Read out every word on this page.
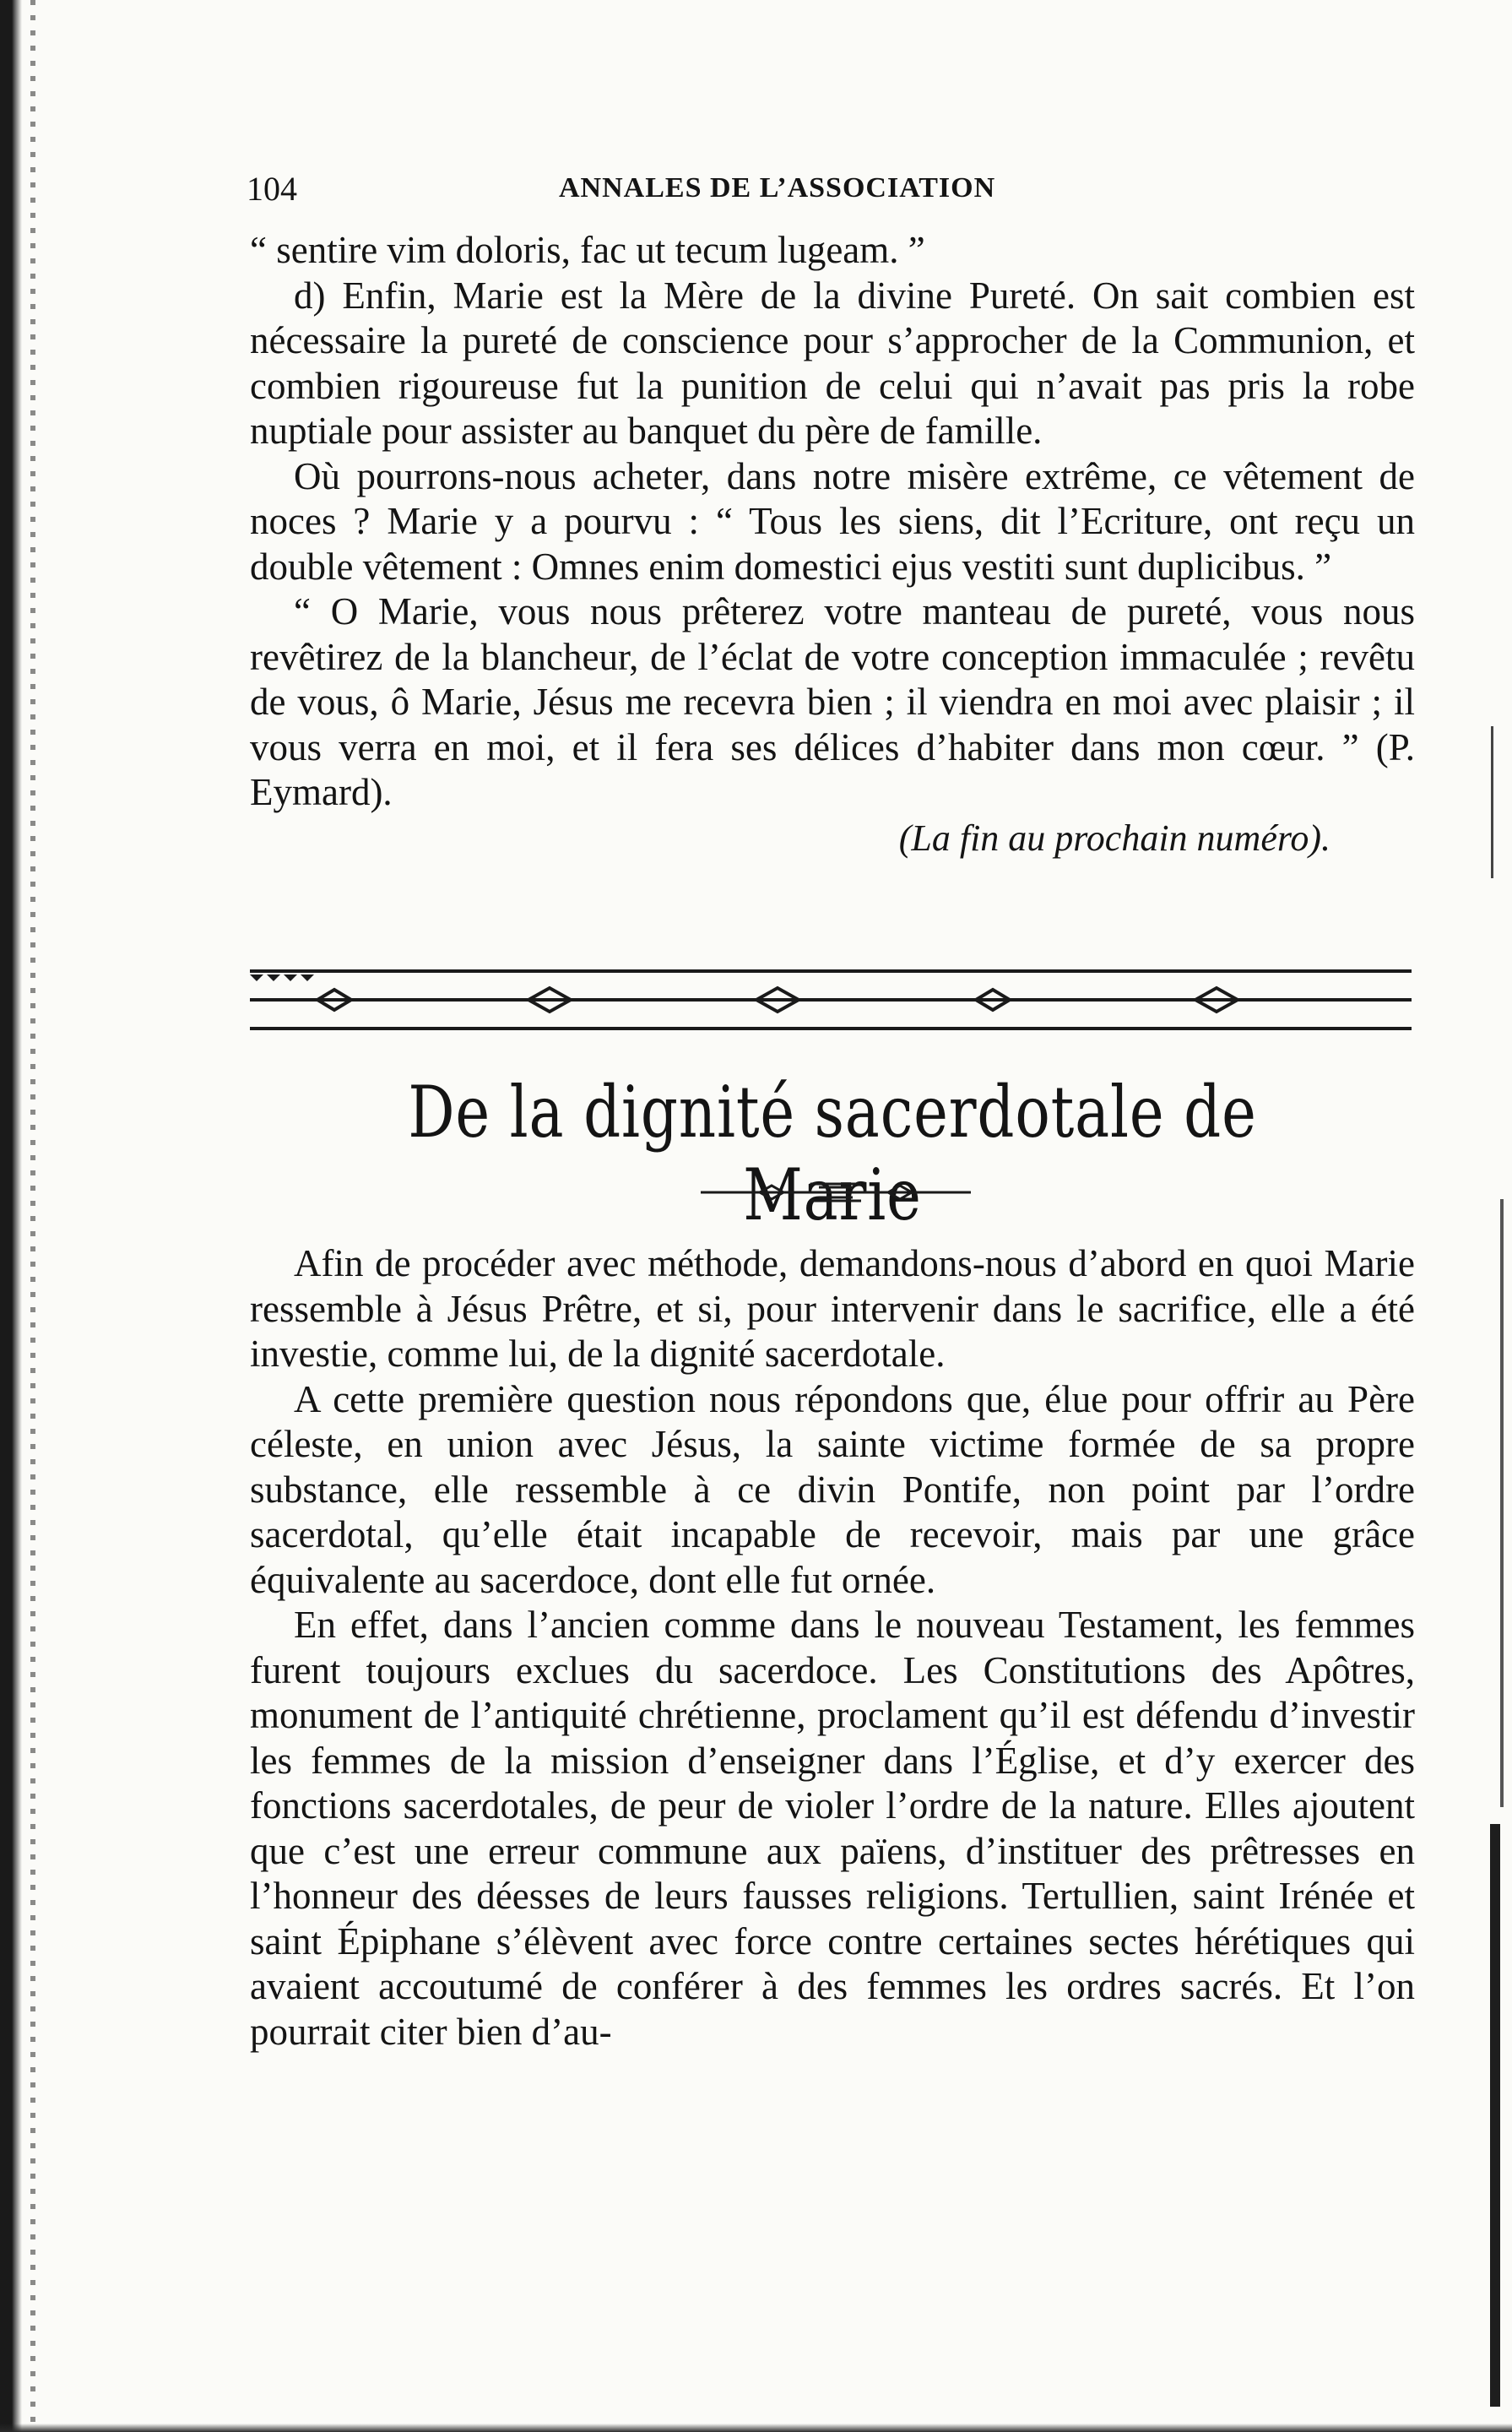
104	ANNALES DE L’ASSOCIATION

“ sentire vim doloris, fac ut tecum lugeam. ”

d) Enfin, Marie est la Mère de la divine Pureté. On sait combien est nécessaire la pureté de conscience pour s’approcher de la Communion, et combien rigoureuse fut la punition de celui qui n’avait pas pris la robe nuptiale pour assister au banquet du père de famille.

Où pourrons-nous acheter, dans notre misère extrême, ce vêtement de noces ? Marie y a pourvu : “ Tous les siens, dit l’Ecriture, ont reçu un double vêtement : Omnes enim domestici ejus vestiti sunt duplicibus. ”

“ O Marie, vous nous prêterez votre manteau de pureté, vous nous revêtirez de la blancheur, de l’éclat de votre conception immaculée ; revêtu de vous, ô Marie, Jésus me recevra bien ; il viendra en moi avec plaisir ; il vous verra en moi, et il fera ses délices d’habiter dans mon cœur. ” (P. Eymard).

(La fin au prochain numéro).

De la dignité sacerdotale de Marie

Afin de procéder avec méthode, demandons-nous d’abord en quoi Marie ressemble à Jésus Prêtre, et si, pour intervenir dans le sacrifice, elle a été investie, comme lui, de la dignité sacerdotale.

A cette première question nous répondons que, élue pour offrir au Père céleste, en union avec Jésus, la sainte victime formée de sa propre substance, elle ressemble à ce divin Pontife, non point par l’ordre sacerdotal, qu’elle était incapable de recevoir, mais par une grâce équivalente au sacerdoce, dont elle fut ornée.

En effet, dans l’ancien comme dans le nouveau Testament, les femmes furent toujours exclues du sacerdoce. Les Constitutions des Apôtres, monument de l’antiquité chrétienne, proclament qu’il est défendu d’investir les femmes de la mission d’enseigner dans l’Église, et d’y exercer des fonctions sacerdotales, de peur de violer l’ordre de la nature. Elles ajoutent que c’est une erreur commune aux païens, d’instituer des prêtresses en l’honneur des déesses de leurs fausses religions. Tertullien, saint Irénée et saint Épiphane s’élèvent avec force contre certaines sectes hérétiques qui avaient accoutumé de conférer à des femmes les ordres sacrés. Et l’on pourrait citer bien d’au-
